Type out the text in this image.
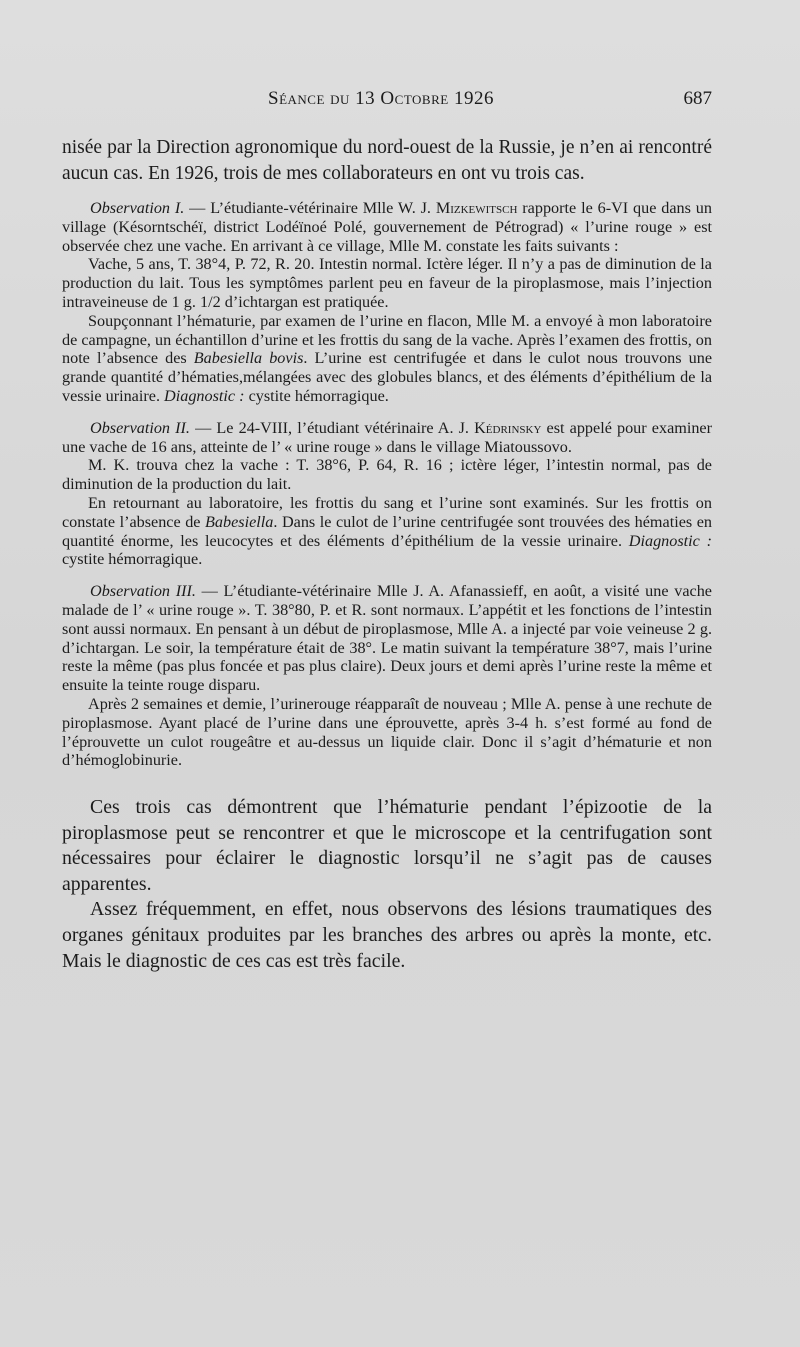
Séance du 13 Octobre 1926	687

nisée par la Direction agronomique du nord-ouest de la Russie, je n’en ai rencontré aucun cas. En 1926, trois de mes collaborateurs en ont vu trois cas.

Observation I. — L’étudiante-vétérinaire Mlle W. J. Mizkewitsch rapporte le 6-VI que dans un village (Késorntschéï, district Lodéïnoé Polé, gouvernement de Pétrograd) « l’urine rouge » est observée chez une vache. En arrivant à ce village, Mlle M. constate les faits suivants :

Vache, 5 ans, T. 38°4, P. 72, R. 20. Intestin normal. Ictère léger. Il n’y a pas de diminution de la production du lait. Tous les symptômes parlent peu en faveur de la piroplasmose, mais l’injection intraveineuse de 1 g. 1/2 d’ichtargan est pratiquée.

Soupçonnant l’hématurie, par examen de l’urine en flacon, Mlle M. a envoyé à mon laboratoire de campagne, un échantillon d’urine et les frottis du sang de la vache. Après l’examen des frottis, on note l’absence des Babesiella bovis. L’urine est centrifugée et dans le culot nous trouvons une grande quantité d’hématies,mélangées avec des globules blancs, et des éléments d’épithélium de la vessie urinaire. Diagnostic : cystite hémorragique.

Observation II. — Le 24-VIII, l’étudiant vétérinaire A. J. Kédrinsky est appelé pour examiner une vache de 16 ans, atteinte de l’ « urine rouge » dans le village Miatoussovo.

M. K. trouva chez la vache : T. 38°6, P. 64, R. 16 ; ictère léger, l’intestin normal, pas de diminution de la production du lait.

En retournant au laboratoire, les frottis du sang et l’urine sont examinés. Sur les frottis on constate l’absence de Babesiella. Dans le culot de l’urine centrifugée sont trouvées des hématies en quantité énorme, les leucocytes et des éléments d’épithélium de la vessie urinaire. Diagnostic : cystite hémorragique.

Observation III. — L’étudiante-vétérinaire Mlle J. A. Afanassieff, en août, a visité une vache malade de l’ « urine rouge ». T. 38°80, P. et R. sont normaux. L’appétit et les fonctions de l’intestin sont aussi normaux. En pensant à un début de piroplasmose, Mlle A. a injecté par voie veineuse 2 g. d’ichtargan. Le soir, la température était de 38°. Le matin suivant la température 38°7, mais l’urine reste la même (pas plus foncée et pas plus claire). Deux jours et demi après l’urine reste la même et ensuite la teinte rouge disparu.

Après 2 semaines et demie, l’urinerouge réapparaît de nouveau ; Mlle A. pense à une rechute de piroplasmose. Ayant placé de l’urine dans une éprouvette, après 3-4 h. s’est formé au fond de l’éprouvette un culot rougeâtre et au-dessus un liquide clair. Donc il s’agit d’hématurie et non d’hémoglobinurie.

Ces trois cas démontrent que l’hématurie pendant l’épizootie de la piroplasmose peut se rencontrer et que le microscope et la centrifugation sont nécessaires pour éclairer le diagnostic lorsqu’il ne s’agit pas de causes apparentes.

Assez fréquemment, en effet, nous observons des lésions traumatiques des organes génitaux produites par les branches des arbres ou après la monte, etc. Mais le diagnostic de ces cas est très facile.
